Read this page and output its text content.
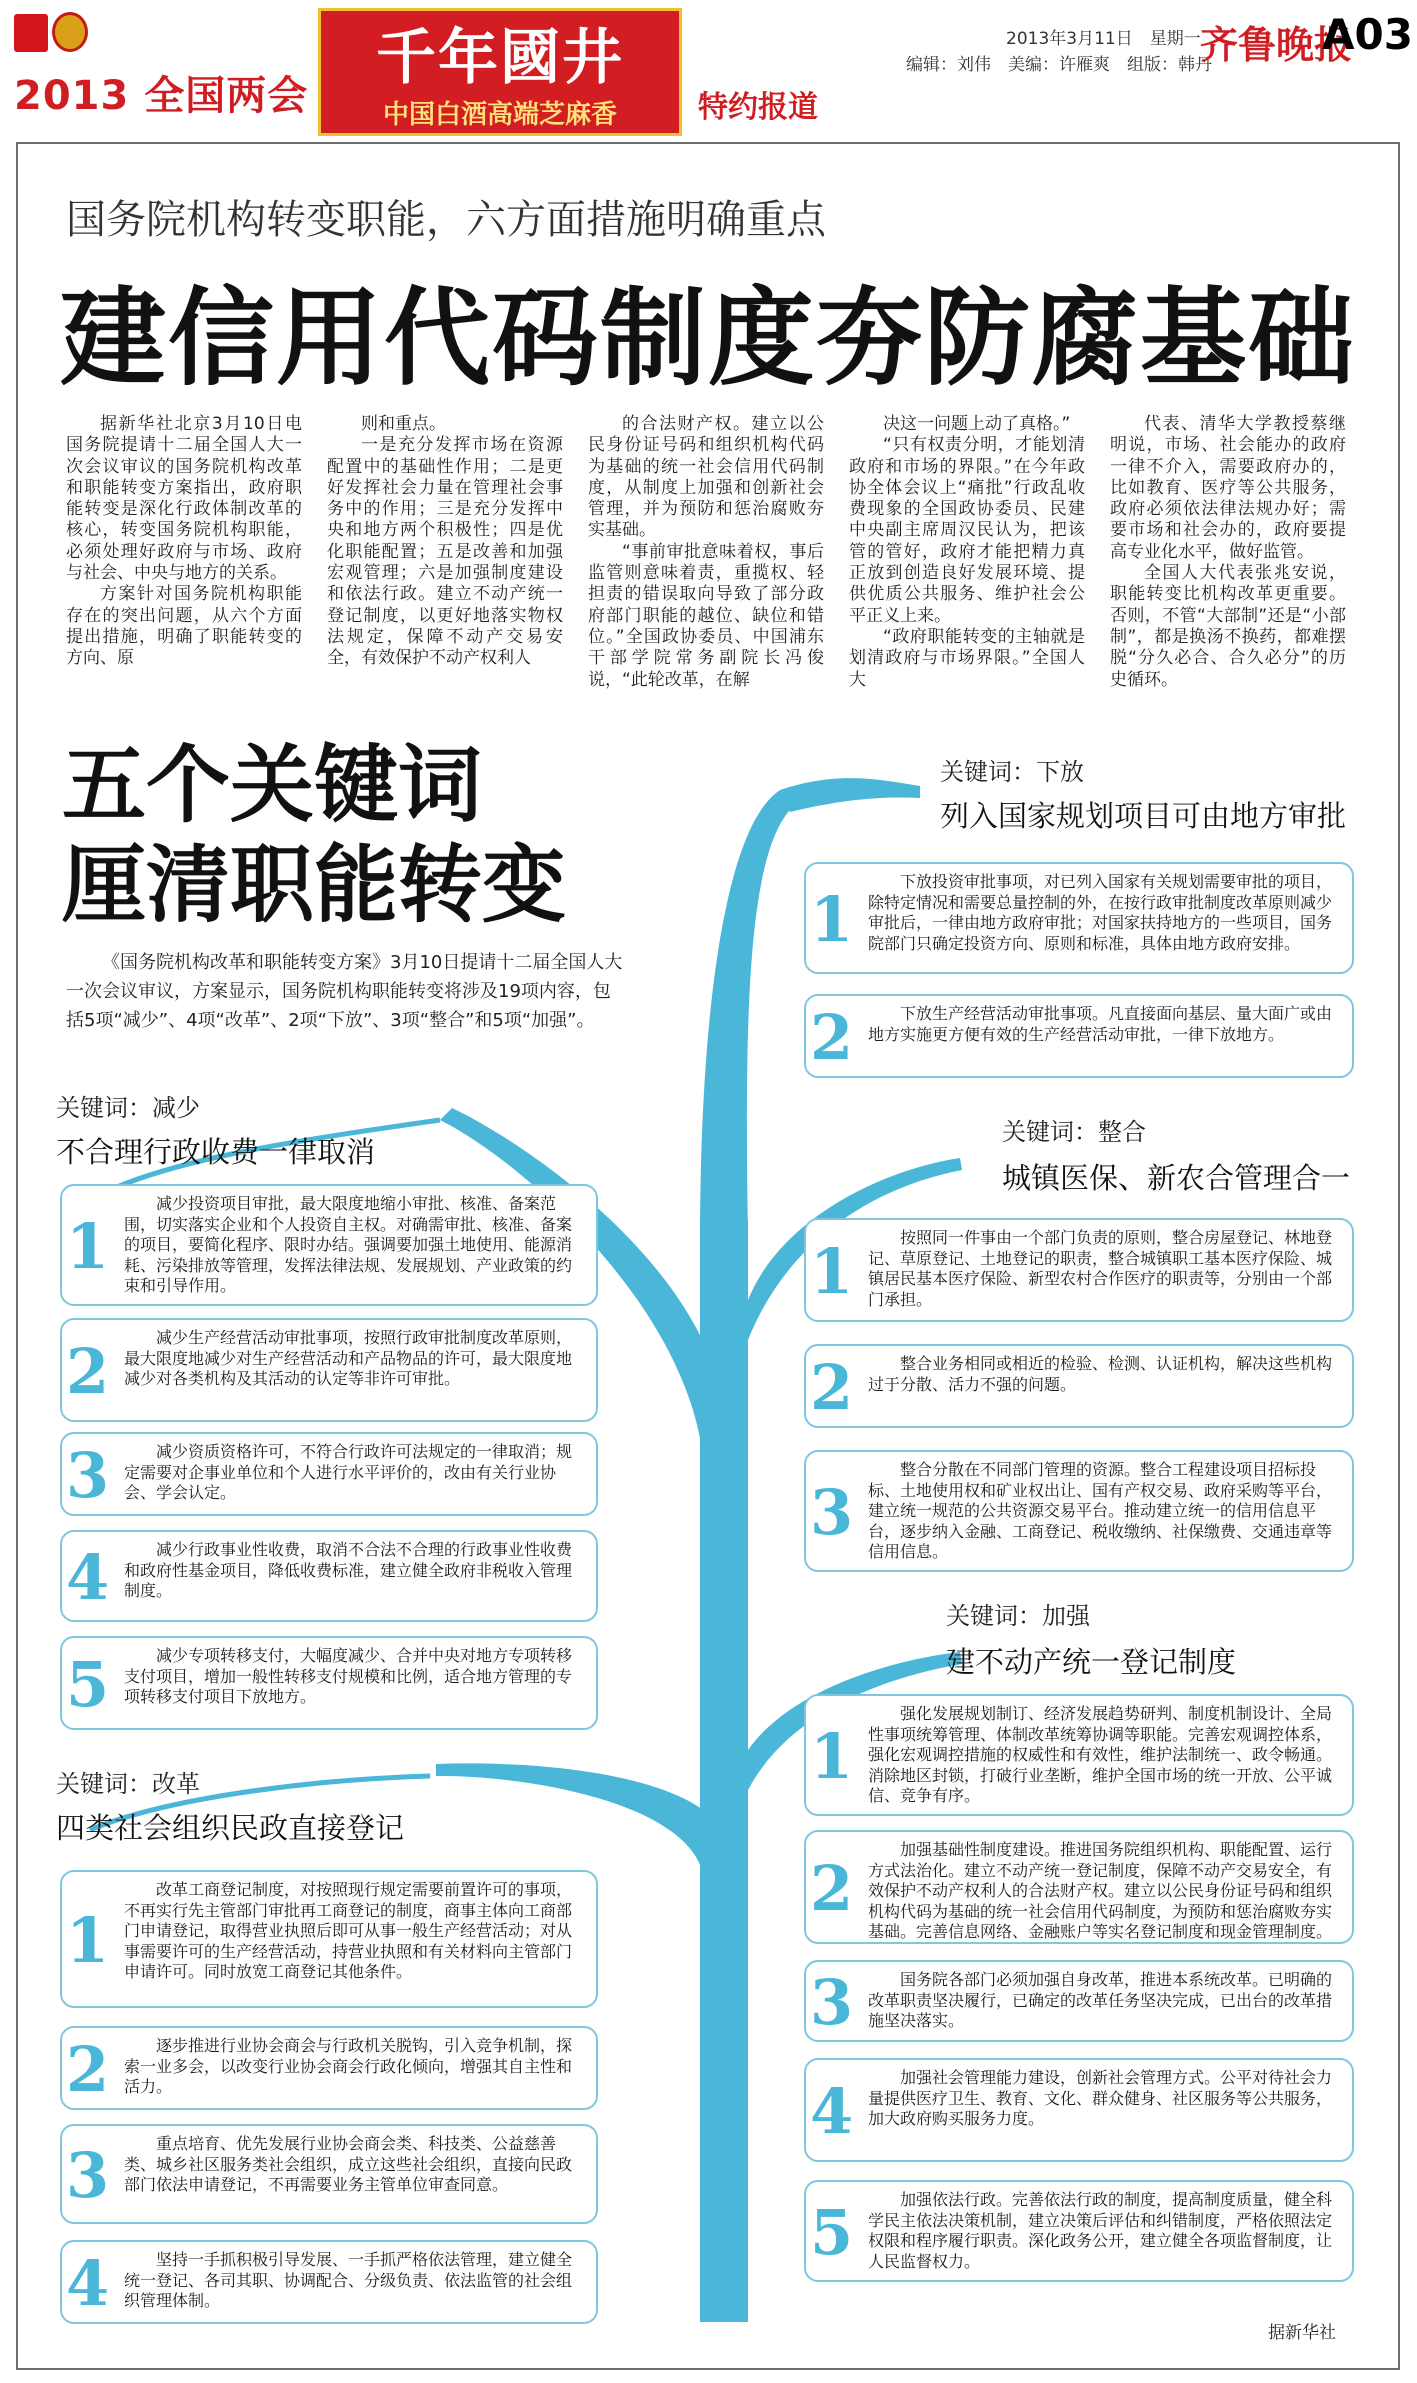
2013 全国两会
千年國井
中国白酒高端芝麻香	特约报道
2013年3月11日　星期一
编辑：刘伟　美编：许雁爽　组版：韩丹
齐鲁晚报
A03
国务院机构转变职能，六方面措施明确重点
建信用代码制度夯防腐基础

据新华社北京3月10日电　国务院提请十二届全国人大一次会议审议的国务院机构改革和职能转变方案指出，政府职能转变是深化行政体制改革的核心，转变国务院机构职能，必须处理好政府与市场、政府与社会、中央与地方的关系。

方案针对国务院机构职能存在的突出问题，从六个方面提出措施，明确了职能转变的方向、原

则和重点。

一是充分发挥市场在资源配置中的基础性作用；二是更好发挥社会力量在管理社会事务中的作用；三是充分发挥中央和地方两个积极性；四是优化职能配置；五是改善和加强宏观管理；六是加强制度建设和依法行政。建立不动产统一登记制度，以更好地落实物权法规定，保障不动产交易安全，有效保护不动产权利人

的合法财产权。建立以公民身份证号码和组织机构代码为基础的统一社会信用代码制度，从制度上加强和创新社会管理，并为预防和惩治腐败夯实基础。

“事前审批意味着权，事后监管则意味着责，重揽权、轻担责的错误取向导致了部分政府部门职能的越位、缺位和错位。”全国政协委员、中国浦东干部学院常务副院长冯俊说，“此轮改革，在解

决这一问题上动了真格。”

“只有权责分明，才能划清政府和市场的界限。”在今年政协全体会议上“痛批”行政乱收费现象的全国政协委员、民建中央副主席周汉民认为，把该管的管好，政府才能把精力真正放到创造良好发展环境、提供优质公共服务、维护社会公平正义上来。

“政府职能转变的主轴就是划清政府与市场界限。”全国人大

代表、清华大学教授蔡继明说，市场、社会能办的政府一律不介入，需要政府办的，比如教育、医疗等公共服务，政府必须依法律法规办好；需要市场和社会办的，政府要提高专业化水平，做好监管。

全国人大代表张兆安说，职能转变比机构改革更重要。否则，不管“大部制”还是“小部制”，都是换汤不换药，都难摆脱“分久必合、合久必分”的历史循环。

五个关键词
厘清职能转变
《国务院机构改革和职能转变方案》3月10日提请十二届全国人大一次会议审议，方案显示，国务院机构职能转变将涉及19项内容，包括5项“减少”、4项“改革”、2项“下放”、3项“整合”和5项“加强”。
关键词：减少
不合理行政收费一律取消
1
减少投资项目审批，最大限度地缩小审批、核准、备案范围，切实落实企业和个人投资自主权。对确需审批、核准、备案的项目，要简化程序、限时办结。强调要加强土地使用、能源消耗、污染排放等管理，发挥法律法规、发展规划、产业政策的约束和引导作用。
2	减少生产经营活动审批事项，按照行政审批制度改革原则，最大限度地减少对生产经营活动和产品物品的许可，最大限度地减少对各类机构及其活动的认定等非许可审批。
3	减少资质资格许可，不符合行政许可法规定的一律取消；规定需要对企事业单位和个人进行水平评价的，改由有关行业协会、学会认定。
4	减少行政事业性收费，取消不合法不合理的行政事业性收费和政府性基金项目，降低收费标准，建立健全政府非税收入管理制度。
5	减少专项转移支付，大幅度减少、合并中央对地方专项转移支付项目，增加一般性转移支付规模和比例，适合地方管理的专项转移支付项目下放地方。
关键词：改革
四类社会组织民政直接登记
1
改革工商登记制度，对按照现行规定需要前置许可的事项，不再实行先主管部门审批再工商登记的制度，商事主体向工商部门申请登记，取得营业执照后即可从事一般生产经营活动；对从事需要许可的生产经营活动，持营业执照和有关材料向主管部门申请许可。同时放宽工商登记其他条件。
2	逐步推进行业协会商会与行政机关脱钩，引入竞争机制，探索一业多会，以改变行业协会商会行政化倾向，增强其自主性和活力。
3	重点培育、优先发展行业协会商会类、科技类、公益慈善类、城乡社区服务类社会组织，成立这些社会组织，直接向民政部门依法申请登记，不再需要业务主管单位审查同意。
4	坚持一手抓积极引导发展、一手抓严格依法管理，建立健全统一登记、各司其职、协调配合、分级负责、依法监管的社会组织管理体制。
关键词：下放
列入国家规划项目可由地方审批
1
下放投资审批事项，对已列入国家有关规划需要审批的项目，除特定情况和需要总量控制的外，在按行政审批制度改革原则减少审批后，一律由地方政府审批；对国家扶持地方的一些项目，国务院部门只确定投资方向、原则和标准，具体由地方政府安排。
2	下放生产经营活动审批事项。凡直接面向基层、量大面广或由地方实施更方便有效的生产经营活动审批，一律下放地方。
关键词：整合
城镇医保、新农合管理合一
1	按照同一件事由一个部门负责的原则，整合房屋登记、林地登记、草原登记、土地登记的职责，整合城镇职工基本医疗保险、城镇居民基本医疗保险、新型农村合作医疗的职责等，分别由一个部门承担。
2	整合业务相同或相近的检验、检测、认证机构，解决这些机构过于分散、活力不强的问题。
3
整合分散在不同部门管理的资源。整合工程建设项目招标投标、土地使用权和矿业权出让、国有产权交易、政府采购等平台，建立统一规范的公共资源交易平台。推动建立统一的信用信息平台，逐步纳入金融、工商登记、税收缴纳、社保缴费、交通违章等信用信息。
关键词：加强
建不动产统一登记制度
1
强化发展规划制订、经济发展趋势研判、制度机制设计、全局性事项统筹管理、体制改革统筹协调等职能。完善宏观调控体系，强化宏观调控措施的权威性和有效性，维护法制统一、政令畅通。消除地区封锁，打破行业垄断，维护全国市场的统一开放、公平诚信、竞争有序。
2
加强基础性制度建设。推进国务院组织机构、职能配置、运行方式法治化。建立不动产统一登记制度，保障不动产交易安全，有效保护不动产权利人的合法财产权。建立以公民身份证号码和组织机构代码为基础的统一社会信用代码制度，为预防和惩治腐败夯实基础。完善信息网络、金融账户等实名登记制度和现金管理制度。
3	国务院各部门必须加强自身改革，推进本系统改革。已明确的改革职责坚决履行，已确定的改革任务坚决完成，已出台的改革措施坚决落实。
4	加强社会管理能力建设，创新社会管理方式。公平对待社会力量提供医疗卫生、教育、文化、群众健身、社区服务等公共服务，加大政府购买服务力度。
5	加强依法行政。完善依法行政的制度，提高制度质量，健全科学民主依法决策机制，建立决策后评估和纠错制度，严格依照法定权限和程序履行职责。深化政务公开，建立健全各项监督制度，让人民监督权力。
据新华社
